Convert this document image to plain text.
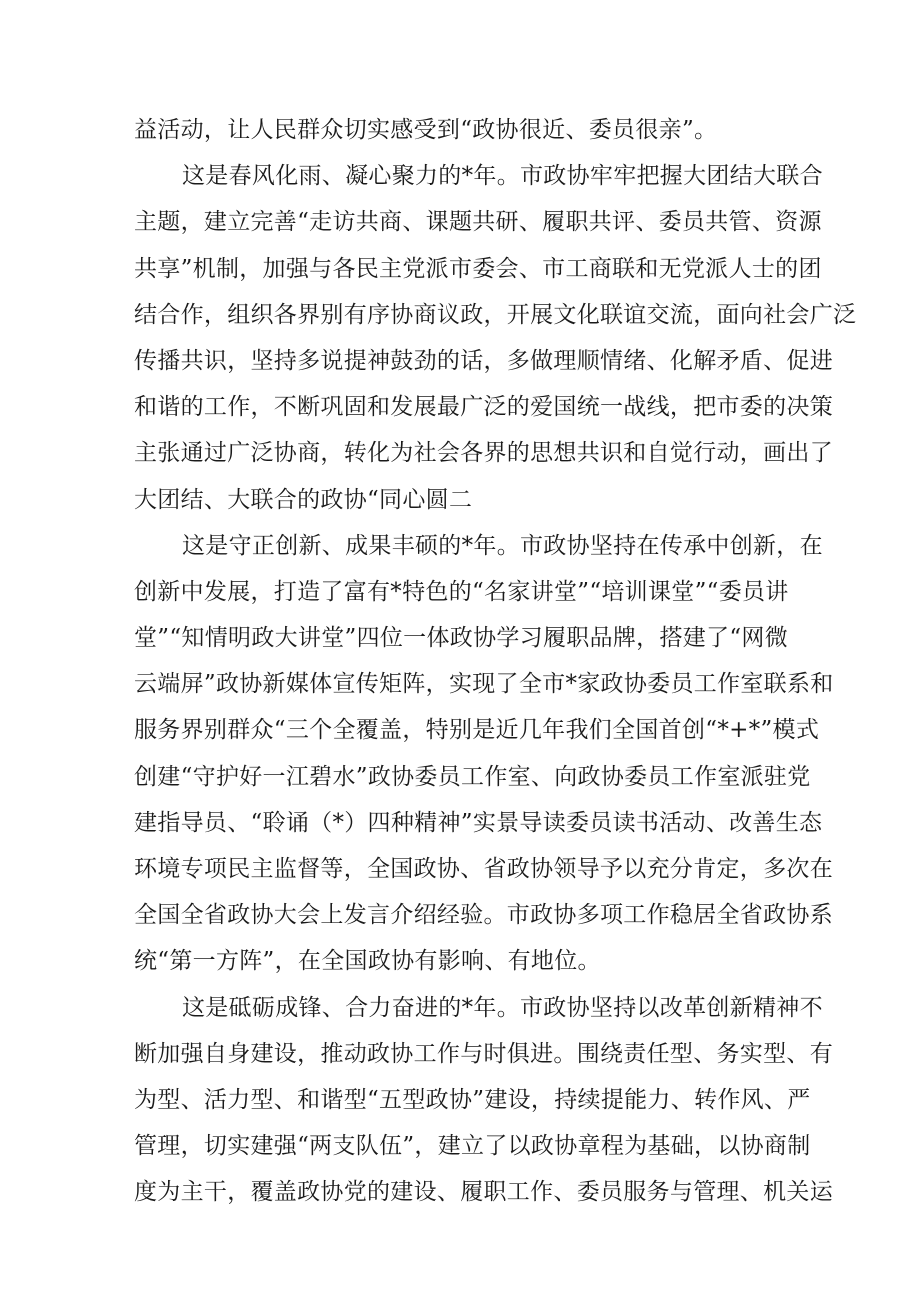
益活动，让人民群众切实感受到“政协很近、委员很亲”。
这是春风化雨、凝心聚力的*年。市政协牢牢把握大团结大联合
主题，建立完善“走访共商、课题共研、履职共评、委员共管、资源
共享”机制，加强与各民主党派市委会、市工商联和无党派人士的团
结合作，组织各界别有序协商议政，开展文化联谊交流，面向社会广泛
传播共识，坚持多说提神鼓劲的话，多做理顺情绪、化解矛盾、促进
和谐的工作，不断巩固和发展最广泛的爱国统一战线，把市委的决策
主张通过广泛协商，转化为社会各界的思想共识和自觉行动，画出了
大团结、大联合的政协“同心圆二
这是守正创新、成果丰硕的*年。市政协坚持在传承中创新，在
创新中发展，打造了富有*特色的“名家讲堂”“培训课堂”“委员讲
堂”“知情明政大讲堂”四位一体政协学习履职品牌，搭建了“网微
云端屏”政协新媒体宣传矩阵，实现了全市*家政协委员工作室联系和
服务界别群众“三个全覆盖，特别是近几年我们全国首创“*+*”模式
创建“守护好一江碧水”政协委员工作室、向政协委员工作室派驻党
建指导员、“聆诵（*）四种精神”实景导读委员读书活动、改善生态
环境专项民主监督等，全国政协、省政协领导予以充分肯定，多次在
全国全省政协大会上发言介绍经验。市政协多项工作稳居全省政协系
统“第一方阵”，在全国政协有影响、有地位。
这是砥砺成锋、合力奋进的*年。市政协坚持以改革创新精神不
断加强自身建设，推动政协工作与时俱进。围绕责任型、务实型、有
为型、活力型、和谐型“五型政协”建设，持续提能力、转作风、严
管理，切实建强“两支队伍”，建立了以政协章程为基础，以协商制
度为主干，覆盖政协党的建设、履职工作、委员服务与管理、机关运
